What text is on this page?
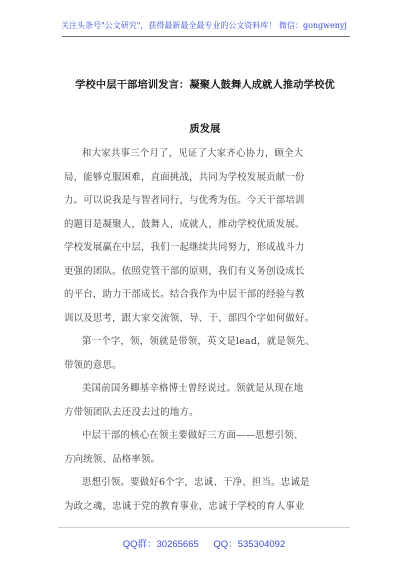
关注头条号"公文研究"，获得最新最全最专业的公文资料库！ 微信：gongwenyj
学校中层干部培训发言：凝聚人鼓舞人成就人推动学校优
质发展
和大家共事三个月了，见证了大家齐心协力，顾全大
局，能够克服困难，直面挑战，共同为学校发展贡献一份
力。可以说我是与智者同行，与优秀为伍。今天干部培训
的题目是凝聚人，鼓舞人，成就人，推动学校优质发展。
学校发展赢在中层，我们一起继续共同努力，形成战斗力
更强的团队。依照党管干部的原则，我们有义务创设成长
的平台，助力干部成长。结合我作为中层干部的经验与教
训以及思考，跟大家交流领、导、干、部四个字如何做好。
第一个字，领，领就是带领，英文是lead，就是领先、
带领的意思。
美国前国务卿基辛格博士曾经说过。领就是从现在地
方带领团队去还没去过的地方。
中层干部的核心在领主要做好三方面——思想引领、
方向统领、品格率领。
思想引领。要做好6个字，忠诚、干净、担当。忠诚是
为政之魂，忠诚于党的教育事业，忠诚于学校的育人事业
QQ群：30265665 QQ：535304092
